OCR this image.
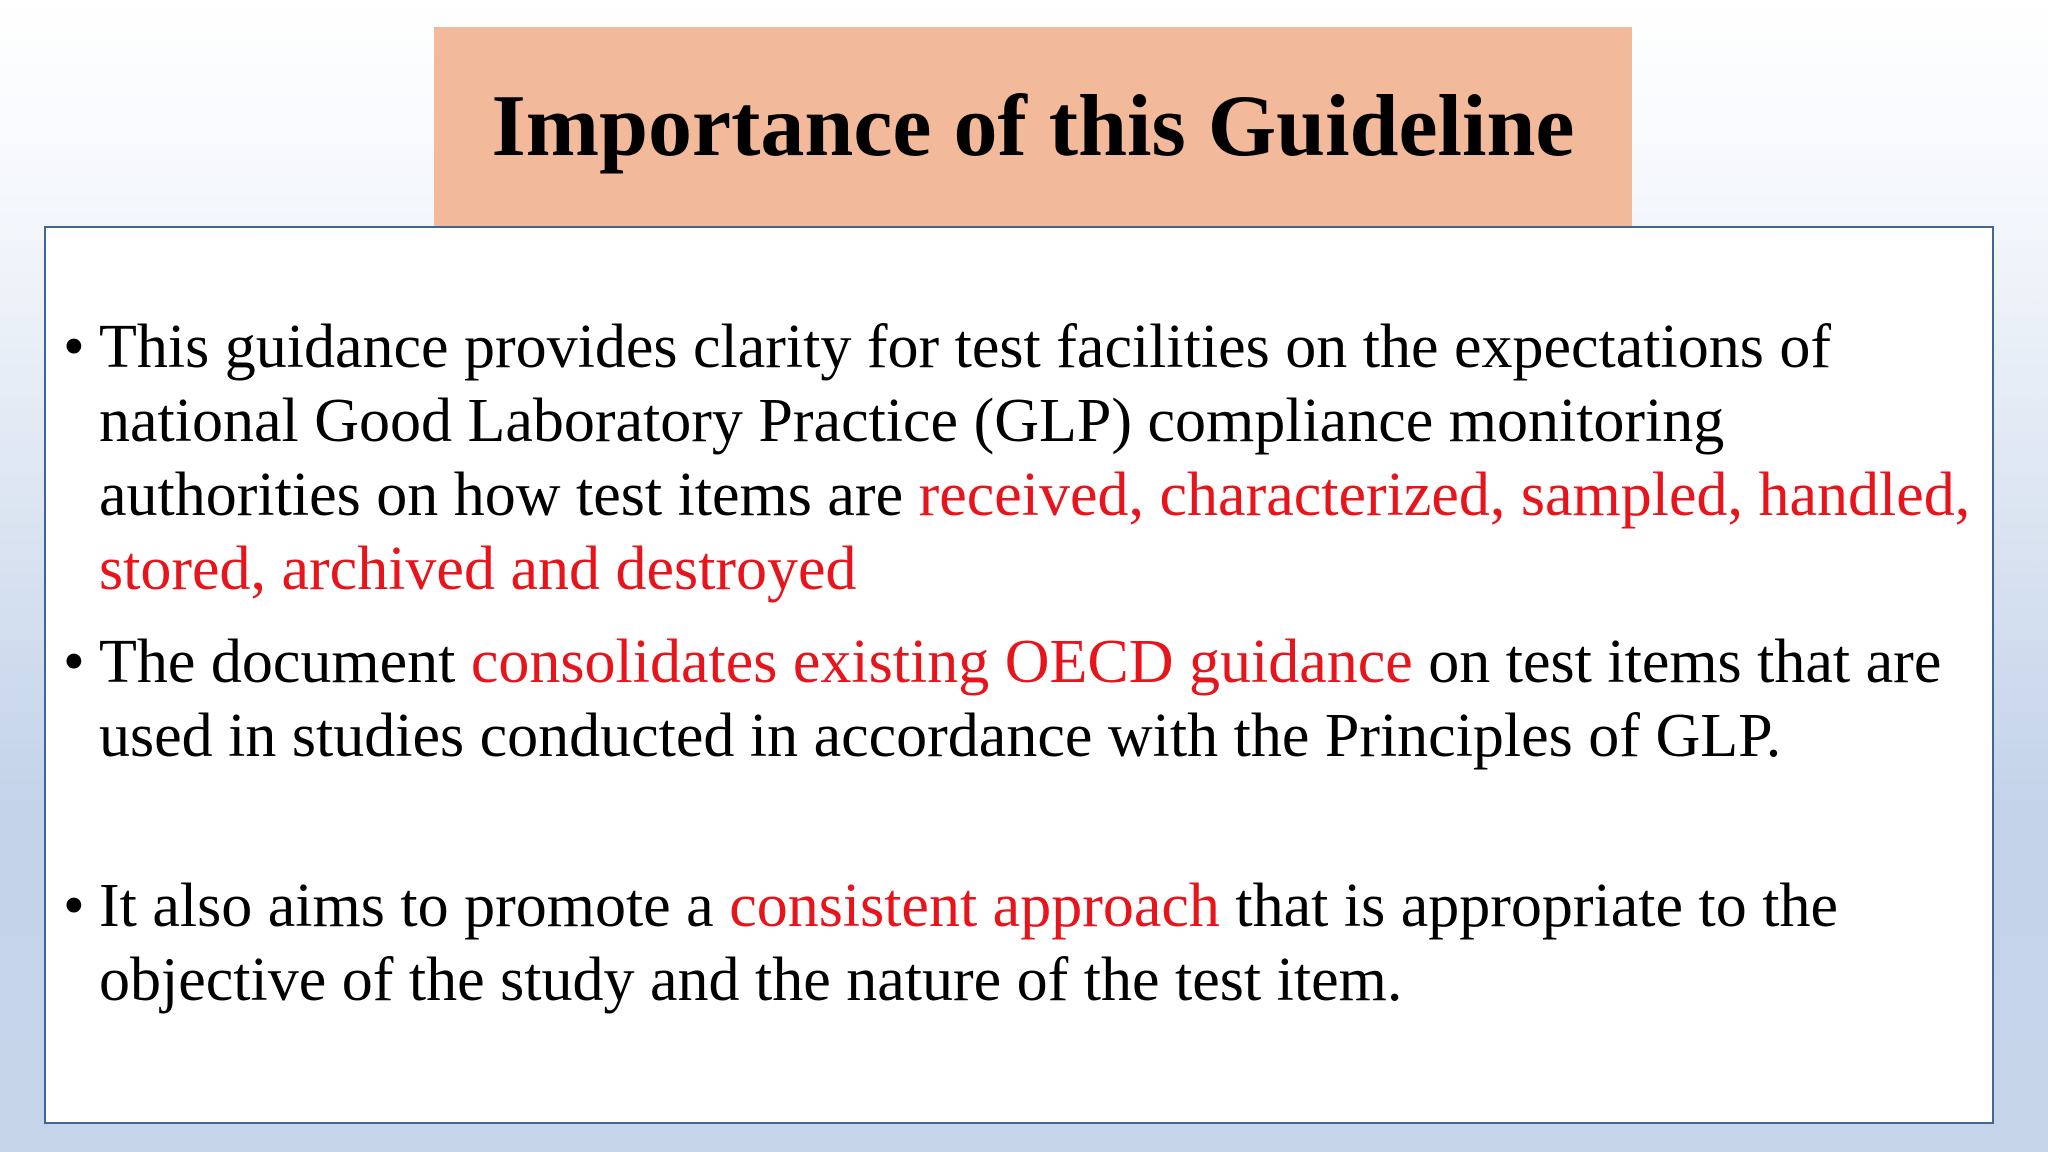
Importance of this Guideline
• This guidance provides clarity for test facilities on the expectations of national Good Laboratory Practice (GLP) compliance monitoring authorities on how test items are received, characterized, sampled, handled, stored, archived and destroyed
• The document consolidates existing OECD guidance on test items that are used in studies conducted in accordance with the Principles of GLP.
• It also aims to promote a consistent approach that is appropriate to the objective of the study and the nature of the test item.
